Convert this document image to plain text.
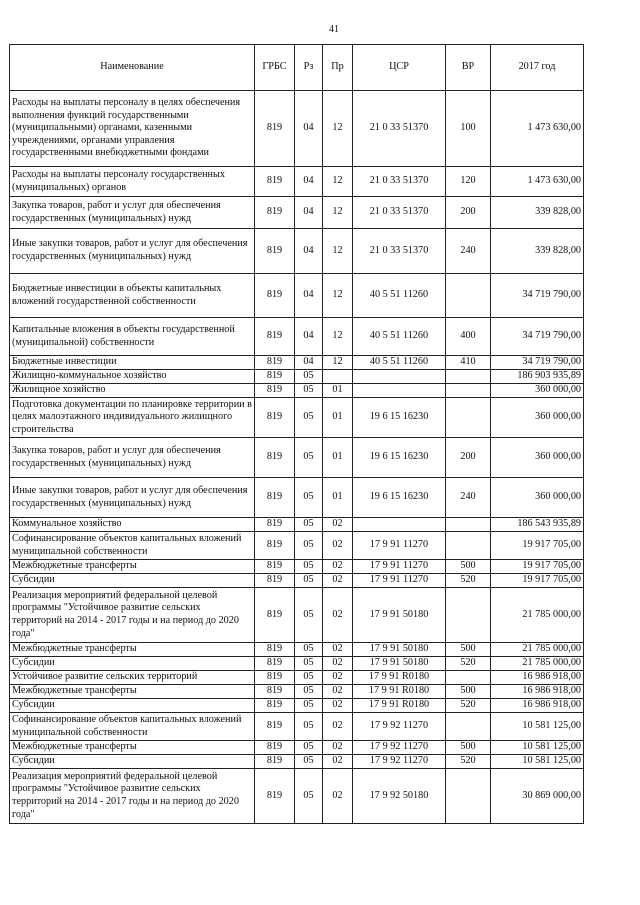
41
Наименование	ГРБС	Рз	Пр	ЦСР	ВР	2017 год
Расходы на выплаты персоналу в целях обеспечения выполнения функций государственными (муниципальными) органами, казенными учреждениями, органами управления государственными внебюджетными фондами	819	04	12	21 0 33 51370	100	1 473 630,00
Расходы на выплаты персоналу государственных (муниципальных) органов	819	04	12	21 0 33 51370	120	1 473 630,00
Закупка товаров, работ и услуг для обеспечения государственных (муниципальных) нужд	819	04	12	21 0 33 51370	200	339 828,00
Иные закупки товаров, работ и услуг для обеспечения государственных (муниципальных) нужд	819	04	12	21 0 33 51370	240	339 828,00
Бюджетные инвестиции в объекты капитальных вложений государственной собственности	819	04	12	40 5 51 11260		34 719 790,00
Капитальные вложения в объекты государственной (муниципальной) собственности	819	04	12	40 5 51 11260	400	34 719 790,00
Бюджетные инвестиции	819	04	12	40 5 51 11260	410	34 719 790,00
Жилищно-коммунальное хозяйство	819	05				186 903 935,89
Жилищное хозяйство	819	05	01			360 000,00
Подготовка документации по планировке территории в целях малоэтажного индивидуального жилищного строительства	819	05	01	19 6 15 16230		360 000,00
Закупка товаров, работ и услуг для обеспечения государственных (муниципальных) нужд	819	05	01	19 6 15 16230	200	360 000,00
Иные закупки товаров, работ и услуг для обеспечения государственных (муниципальных) нужд	819	05	01	19 6 15 16230	240	360 000,00
Коммунальное хозяйство	819	05	02			186 543 935,89
Софинансирование объектов капитальных вложений муниципальной собственности	819	05	02	17 9 91 11270		19 917 705,00
Межбюджетные трансферты	819	05	02	17 9 91 11270	500	19 917 705,00
Субсидии	819	05	02	17 9 91 11270	520	19 917 705,00
Реализация мероприятий федеральной целевой программы "Устойчивое развитие сельских территорий на 2014 - 2017 годы и на период до 2020 года"	819	05	02	17 9 91 50180		21 785 000,00
Межбюджетные трансферты	819	05	02	17 9 91 50180	500	21 785 000,00
Субсидии	819	05	02	17 9 91 50180	520	21 785 000,00
Устойчивое развитие сельских территорий	819	05	02	17 9 91 R0180		16 986 918,00
Межбюджетные трансферты	819	05	02	17 9 91 R0180	500	16 986 918,00
Субсидии	819	05	02	17 9 91 R0180	520	16 986 918,00
Софинансирование объектов капитальных вложений муниципальной собственности	819	05	02	17 9 92 11270		10 581 125,00
Межбюджетные трансферты	819	05	02	17 9 92 11270	500	10 581 125,00
Субсидии	819	05	02	17 9 92 11270	520	10 581 125,00
Реализация мероприятий федеральной целевой программы "Устойчивое развитие сельских территорий на 2014 - 2017 годы и на период до 2020 года"	819	05	02	17 9 92 50180		30 869 000,00
